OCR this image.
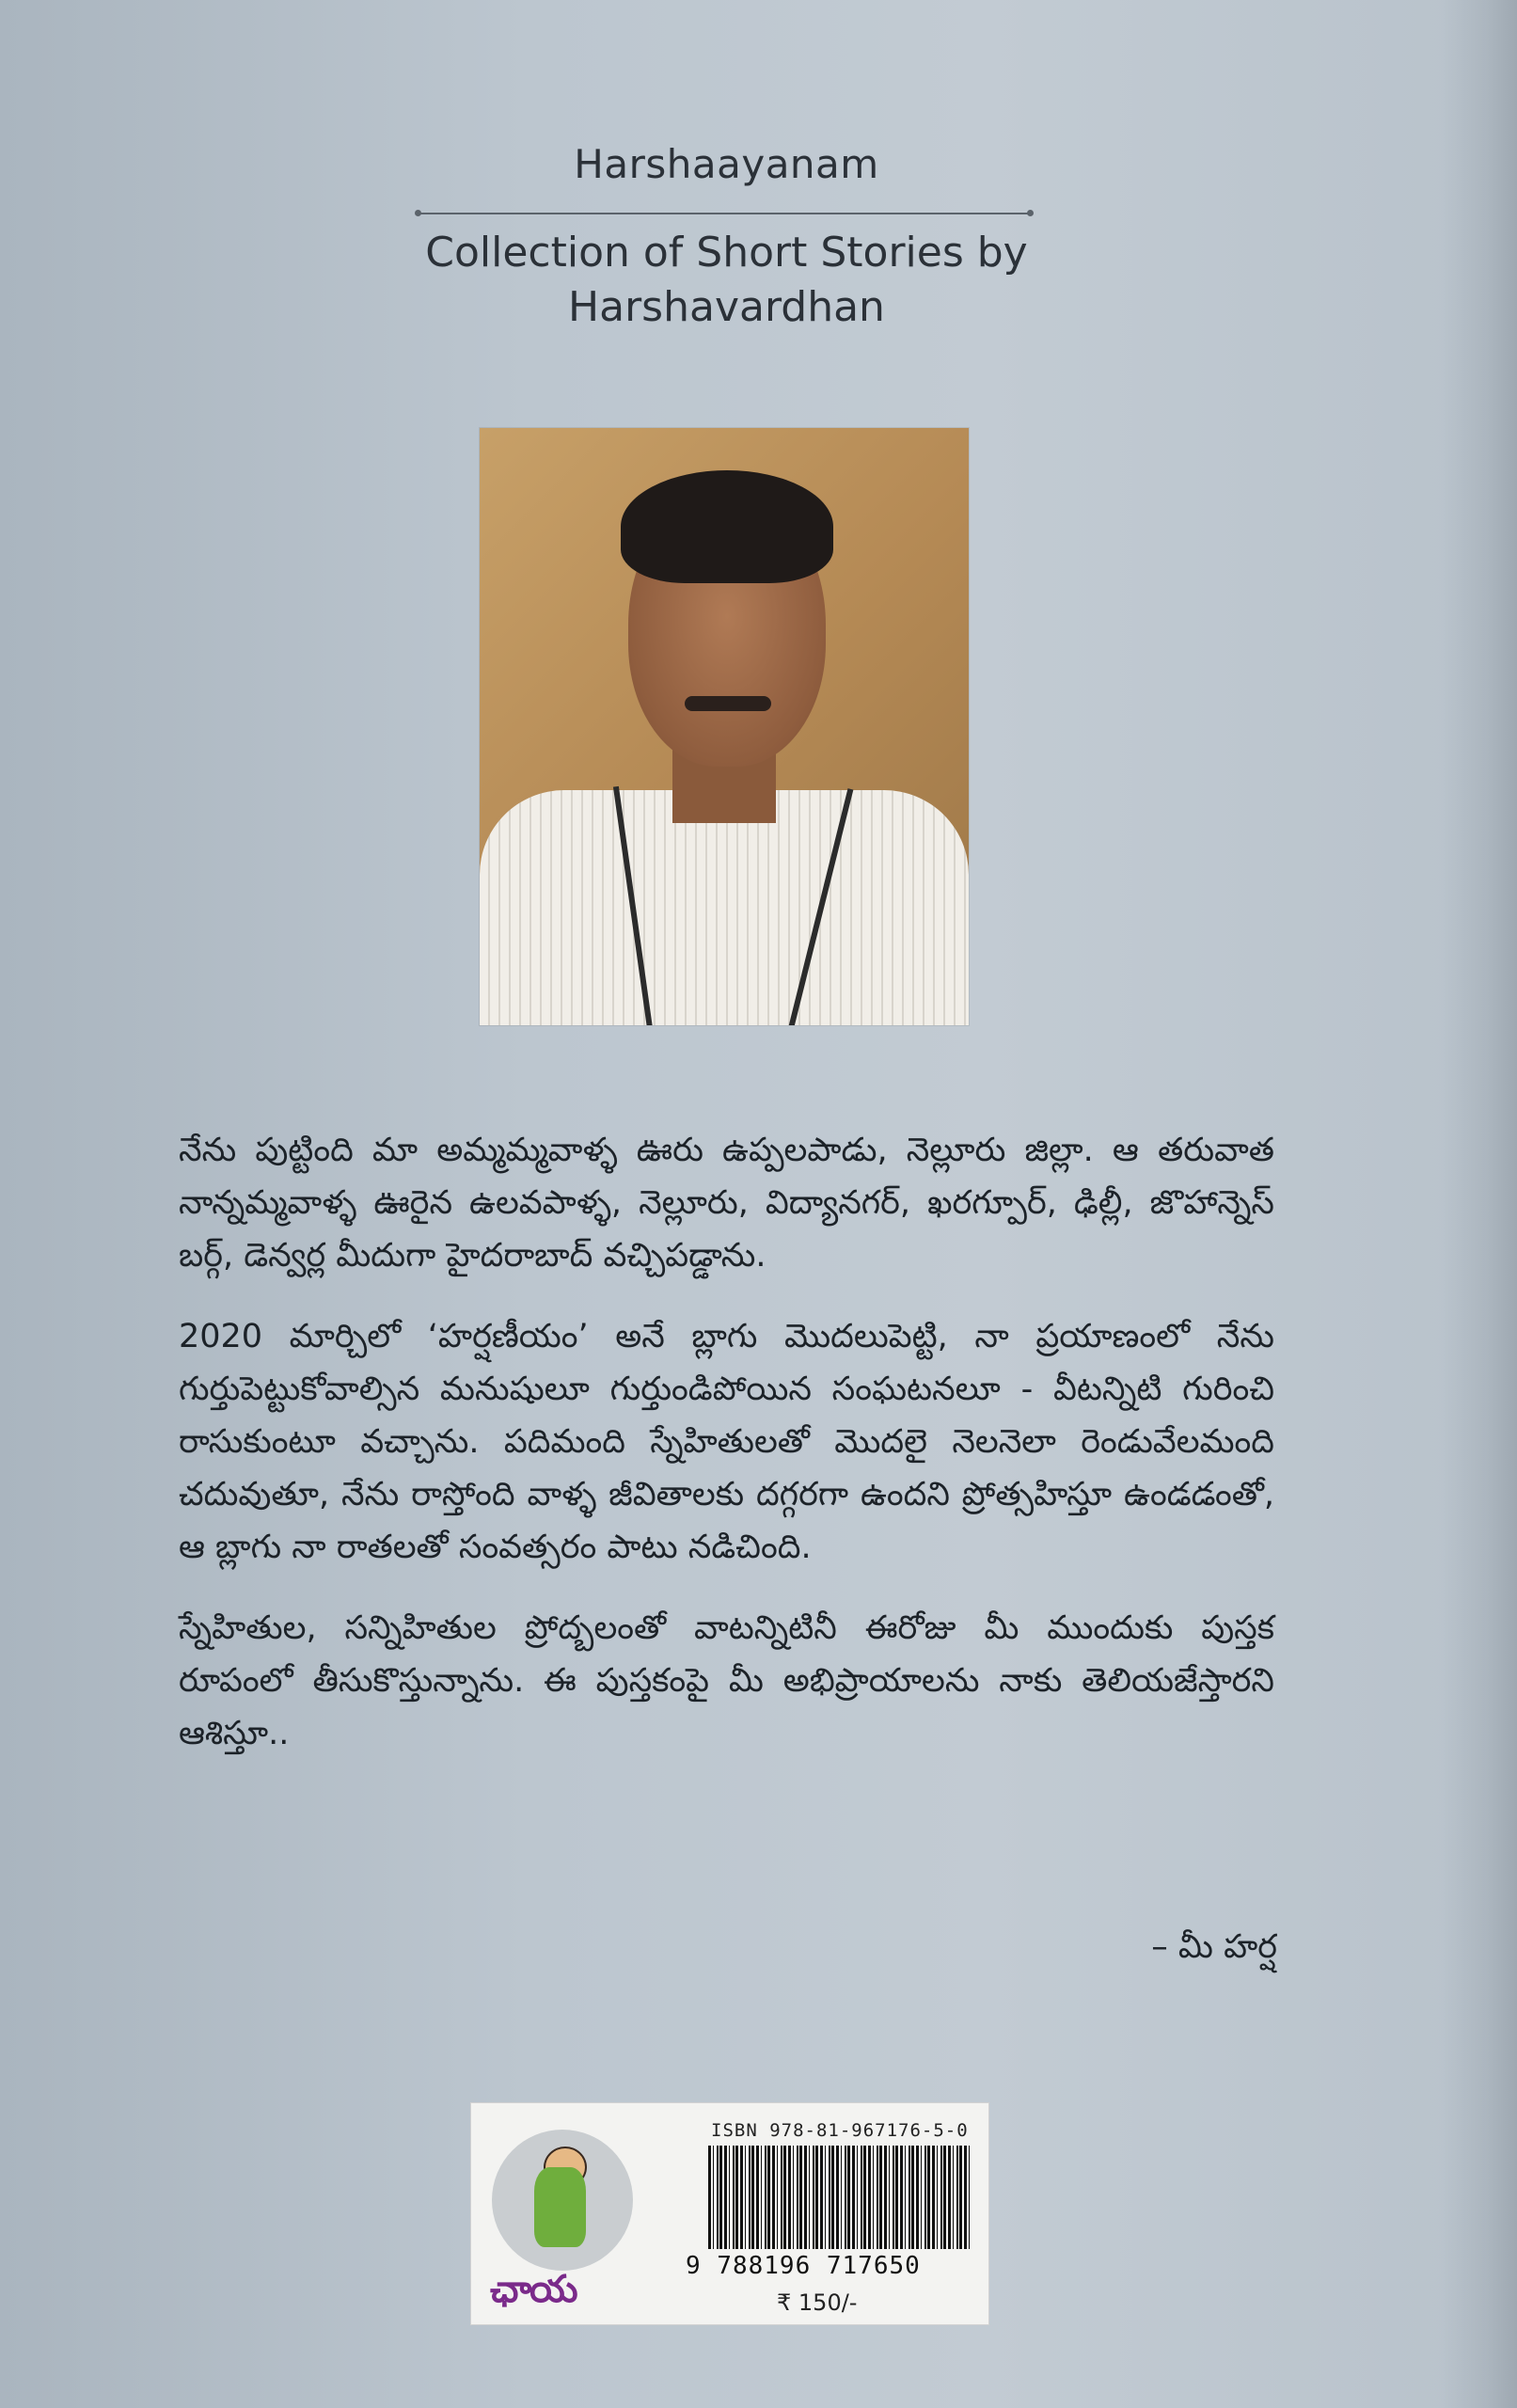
Harshaayanam
Collection of Short Stories by
Harshavardhan

నేను పుట్టింది మా అమ్మమ్మవాళ్ళ ఊరు ఉప్పలపాడు, నెల్లూరు జిల్లా. ఆ తరువాత నాన్నమ్మవాళ్ళ ఊరైన ఉలవపాళ్ళ, నెల్లూరు, విద్యానగర్, ఖరగ్పూర్, ఢిల్లీ, జొహాన్నెస్ బర్గ్, డెన్వర్ల మీదుగా హైదరాబాద్ వచ్చిపడ్డాను.

2020 మార్చిలో ‘హర్షణీయం’ అనే బ్లాగు మొదలుపెట్టి, నా ప్రయాణంలో నేను గుర్తుపెట్టుకోవాల్సిన మనుషులూ గుర్తుండిపోయిన సంఘటనలూ - వీటన్నిటి గురించి రాసుకుంటూ వచ్చాను. పదిమంది స్నేహితులతో మొదలై నెలనెలా రెండువేలమంది చదువుతూ, నేను రాస్తోంది వాళ్ళ జీవితాలకు దగ్గరగా ఉందని ప్రోత్సహిస్తూ ఉండడంతో, ఆ బ్లాగు నా రాతలతో సంవత్సరం పాటు నడిచింది.

స్నేహితుల, సన్నిహితుల ప్రోద్బలంతో వాటన్నిటినీ ఈరోజు మీ ముందుకు పుస్తక రూపంలో తీసుకొస్తున్నాను. ఈ పుస్తకంపై మీ అభిప్రాయాలను నాకు తెలియజేస్తారని ఆశిస్తూ..

– మీ హర్ష
ఛాయ
ISBN 978-81-967176-5-0
9 788196 717650
₹ 150/-
